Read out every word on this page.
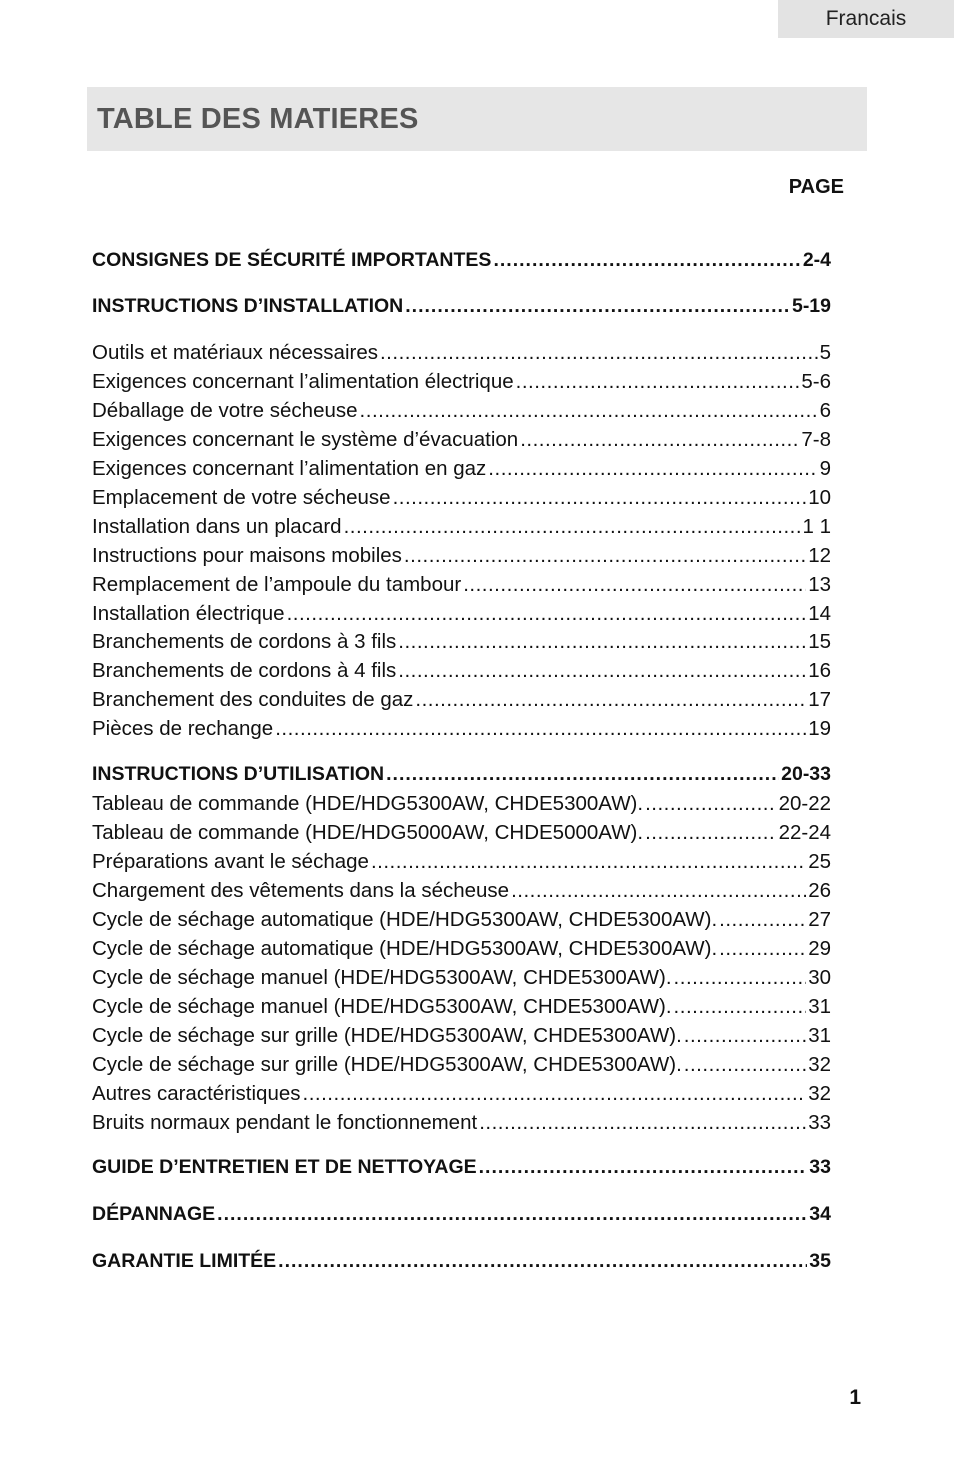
Francais
TABLE DES MATIERES
PAGE
CONSIGNES DE SÉCURITÉ IMPORTANTES .....	2-4
INSTRUCTIONS D’INSTALLATION .....	5-19
Outils et matériaux nécessaires .....	5
Exigences concernant l’alimentation électrique .....	5-6
Déballage de votre sécheuse .....	6
Exigences concernant le système d’évacuation .....	7-8
Exigences concernant l’alimentation en gaz .....	9
Emplacement de votre sécheuse .....	10
Installation dans un placard .....	1 1
Instructions pour maisons mobiles .....	12
Remplacement de l’ampoule du tambour .....	13
Installation électrique .....	14
Branchements de cordons à 3 fils .....	15
Branchements de cordons à 4 fils .....	16
Branchement des conduites de gaz .....	17
Pièces de rechange .....	19
INSTRUCTIONS D’UTILISATION .....	20-33
Tableau de commande (HDE/HDG5300AW, CHDE5300AW). .....	20-22
Tableau de commande (HDE/HDG5000AW, CHDE5000AW). .....	22-24
Préparations avant le séchage .....	25
Chargement des vêtements dans la sécheuse .....	26
Cycle de séchage automatique (HDE/HDG5300AW, CHDE5300AW). .....	27
Cycle de séchage automatique (HDE/HDG5300AW, CHDE5300AW). .....	29
Cycle de séchage manuel (HDE/HDG5300AW, CHDE5300AW). .....	30
Cycle de séchage manuel (HDE/HDG5300AW, CHDE5300AW). .....	31
Cycle de séchage sur grille (HDE/HDG5300AW, CHDE5300AW). .....	31
Cycle de séchage sur grille (HDE/HDG5300AW, CHDE5300AW). .....	32
Autres caractéristiques .....	32
Bruits normaux pendant le fonctionnement .....	33
GUIDE D’ENTRETIEN ET DE NETTOYAGE .....	33
DÉPANNAGE .....	34
GARANTIE LIMITÉE .....	35
1
